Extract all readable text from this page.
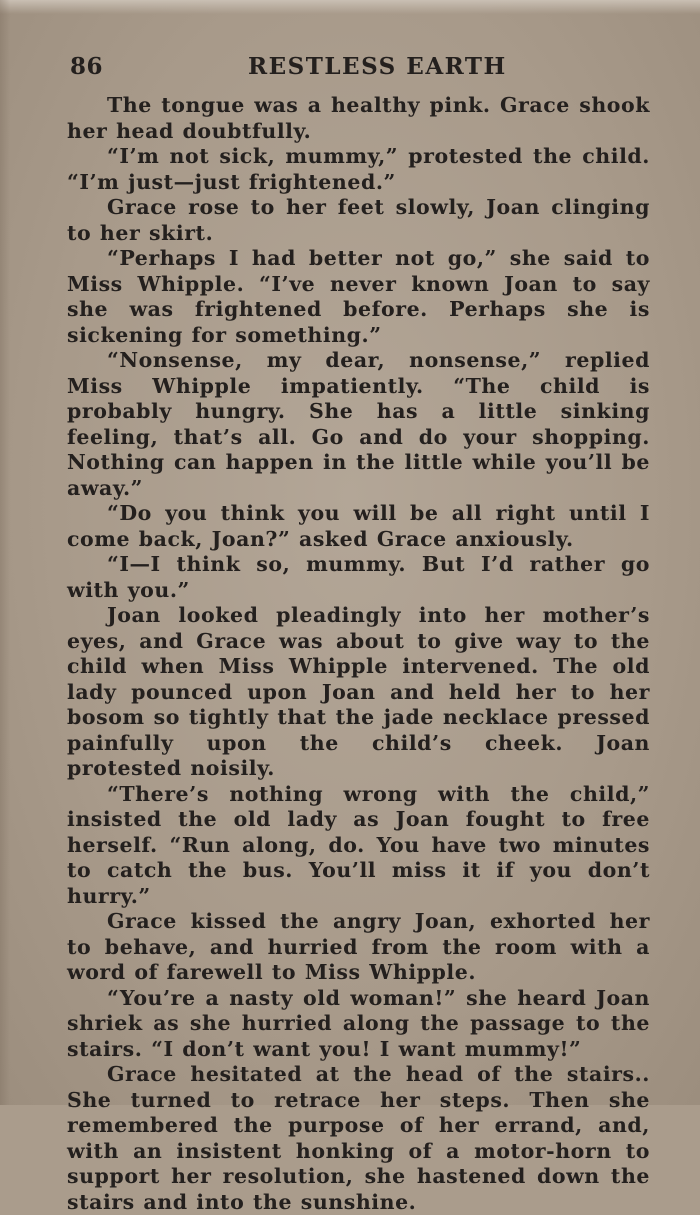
86	RESTLESS EARTH

The tongue was a healthy pink. Grace shook her head doubtfully.

“I’m not sick, mummy,” protested the child. “I’m just—just frightened.”

Grace rose to her feet slowly, Joan clinging to her skirt.

“Perhaps I had better not go,” she said to Miss Whipple. “I’ve never known Joan to say she was frightened before. Perhaps she is sickening for something.”

“Nonsense, my dear, nonsense,” replied Miss Whipple impatiently. “The child is probably hungry. She has a little sinking feeling, that’s all. Go and do your shopping. Nothing can happen in the little while you’ll be away.”

“Do you think you will be all right until I come back, Joan?” asked Grace anxiously.

“I—I think so, mummy. But I’d rather go with you.”

Joan looked pleadingly into her mother’s eyes, and Grace was about to give way to the child when Miss Whipple intervened. The old lady pounced upon Joan and held her to her bosom so tightly that the jade necklace pressed painfully upon the child’s cheek. Joan protested noisily.

“There’s nothing wrong with the child,” insisted the old lady as Joan fought to free herself. “Run along, do. You have two minutes to catch the bus. You’ll miss it if you don’t hurry.”

Grace kissed the angry Joan, exhorted her to behave, and hurried from the room with a word of farewell to Miss Whipple.

“You’re a nasty old woman!” she heard Joan shriek as she hurried along the passage to the stairs. “I don’t want you! I want mummy!”

Grace hesitated at the head of the stairs.. She turned to retrace her steps. Then she remembered the purpose of her errand, and, with an insistent honking of a motor-horn to support her resolution, she hastened down the stairs and into the sunshine.
